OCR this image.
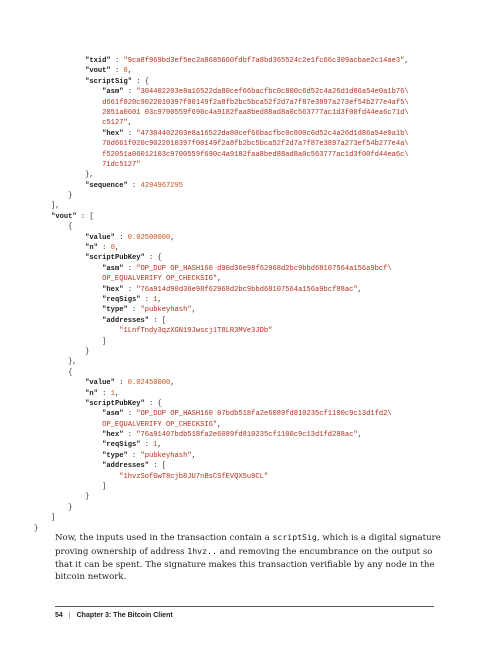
"txid" : "9ca8f969bd3ef5ec2a8685660fdbf7a8bd365524c2e1fc66c309acbae2c14ae3",
"vout" : 0,
"scriptSig" : {
"asm" : "304402203e8a16522da80cef66bacfbc0c800c6d52c4a26d1d86a54e0a1b76\
d661f020c9022010397f00149f2a8fb2bc5bca52f2d7a7f87e3897a273ef54b277e4af5\
2051a0601 03c9700559f690c4a9182faa8bed88ad8a0c563777ac1d3f00fd44ea6c71d\
c5127",
"hex" : "47304402203e8a16522da80cef66bacfbc0c800c6d52c4a26d1d86a54e0a1b\
76d661f020c9022010397f00149f2a8fb2bc5bca52f2d7a7f87e3897a273ef54b277e4a\
f52051a06012103c9700559f690c4a9182faa8bed88ad8a0c563777ac1d3f00fd44ea6c\
71dc5127"
},
"sequence" : 4294967295
}
],
"vout" : [
{
"value" : 0.02500000,
"n" : 0,
"scriptPubKey" : {
"asm" : "OP_DUP OP_HASH160 d90d36e98f62968d2bc9bbd68107564a156a9bcf\
OP_EQUALVERIFY OP_CHECKSIG",
"hex" : "76a914d90d36e98f62968d2bc9bbd68107564a156a9bcf88ac",
"reqSigs" : 1,
"type" : "pubkeyhash",
"addresses" : [
"1LnfTndy3qzXGN19Jwscj1T8LR3MVe3JDb"
]
}
},
{
"value" : 0.02450000,
"n" : 1,
"scriptPubKey" : {
"asm" : "OP_DUP OP_HASH160 07bdb518fa2e6089fd810235cf1100c9c13d1fd2\
OP_EQUALVERIFY OP_CHECKSIG",
"hex" : "76a91407bdb518fa2e6089fd810235cf1100c9c13d1fd288ac",
"reqSigs" : 1,
"type" : "pubkeyhash",
"addresses" : [
"1hvzSofGwT8cjb8JU7nBsCSfEVQX5u9CL"
]
}
}
]
}

Now, the inputs used in the transaction contain a scriptSig, which is a digital signature
proving ownership of address 1hvz.. and removing the encumbrance on the output so
that it can be spent. The signature makes this transaction verifiable by any node in the
bitcoin network.

54 | Chapter 3: The Bitcoin Client
